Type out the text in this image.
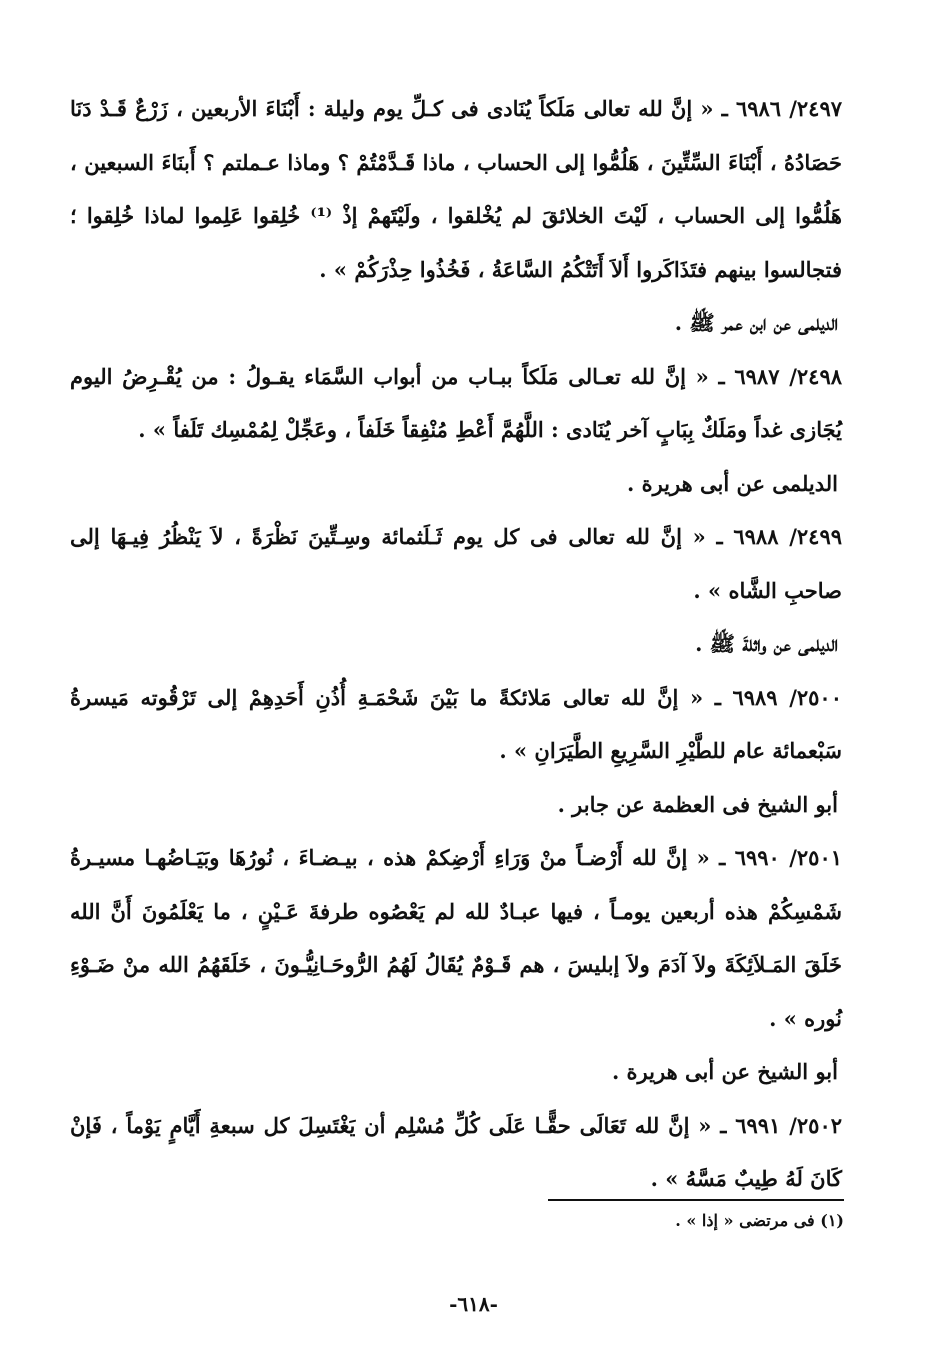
٢٤٩٧/ ٦٩٨٦ ـ « إنَّ لله تعالى مَلَكاً يُنَادى فى كـلِّ يوم وليلة : أَبْنَاءَ الأربعين ، زَرْعٌ قَـدْ دَنَا حَصَادُهُ ، أَبْنَاءَ السِّتِّينَ ، هَلُمُّوا إلى الحساب ، ماذا قَـدَّمْتُمْ ؟ وماذا عـملتم ؟ أَبنَاءَ السبعين ، هَلُمُّوا إلى الحساب ، لَيْتَ الخلائقَ لم يُخْلقوا ، ولَيْتَهمْ إذْ ⁽¹⁾ خُلِقوا عَلِموا لماذا خُلِقوا ؛ فتجالسوا بينهم فتَذَاكَروا أَلاَ أَتَتْكُمُ السَّاعَةُ ، فَخُذُوا حِذْرَكُمْ » .

الديلمى عن ابن عمر ﷺ .

٢٤٩٨/ ٦٩٨٧ ـ « إنَّ لله تعـالى مَلَكاً ببـاب من أبواب السَّمَاء يقـولُ : من يُقْـرِضُ اليوم يُجَازى غداً ومَلَكٌ بِبَابٍ آخر يُنَادى : اللَّهُمَّ أَعْطِ مُنْفِقاً خَلَفاً ، وعَجِّلْ لِمُمْسِك تَلَفاً » .

الديلمى عن أبى هريرة .

٢٤٩٩/ ٦٩٨٨ ـ « إنَّ لله تعالى فى كل يوم ثَـلَثمائة وسِـتِّينَ نَظْرَةً ، لاَ يَنْظُرُ فِيـهَا إلى صاحبِ الشَّاه » .

الديلمى عن واثلةَ ﷺ .

٢٥٠٠/ ٦٩٨٩ ـ « إنَّ لله تعالى مَلائكةً ما بَيْنَ شَحْمَـةِ أُذُنِ أَحَدِهِمْ إلى تَرْقُوته مَيسرةُ سَبْعمائة عام للطَّيْرِ السَّرِيعِ الطَّيَرَانِ » .

أبو الشيخ فى العظمة عن جابر .

٢٥٠١/ ٦٩٩٠ ـ « إنَّ لله أَرْضـاً منْ وَرَاءِ أَرْضِكمْ هذه ، بيـضـاءَ ، نُورُهَا وبَيَـاضُهـا مسيـرةُ شَمْسِكُمْ هذه أربعين يومـاً ، فيها عبـادٌ لله لم يَعْصُوه طرفةَ عَـيْنٍ ، ما يَعْلَمُونَ أَنَّ الله خَلَقَ المَـلاَئِكَةَ ولاَ آدَمَ ولاَ إبليسَ ، هم قَـوْمٌ يُقَالُ لَهُمُ الرُّوحَـانِيُّـونَ ، خَلَقَهُمُ الله منْ ضَـوْءِ نُوره » .

أبو الشيخ عن أبى هريرة .

٢٥٠٢/ ٦٩٩١ ـ « إنَّ لله تَعَالَى حقًّـا عَلَى كُلِّ مُسْلِم أن يَغْتَسِلَ كل سبعةِ أَيَّامٍ يَوْماً ، فَإنْ كَانَ لَهُ طِيبٌ مَسَّهُ » .

(١) فى مرتضى « إذا » .
-٦١٨-
